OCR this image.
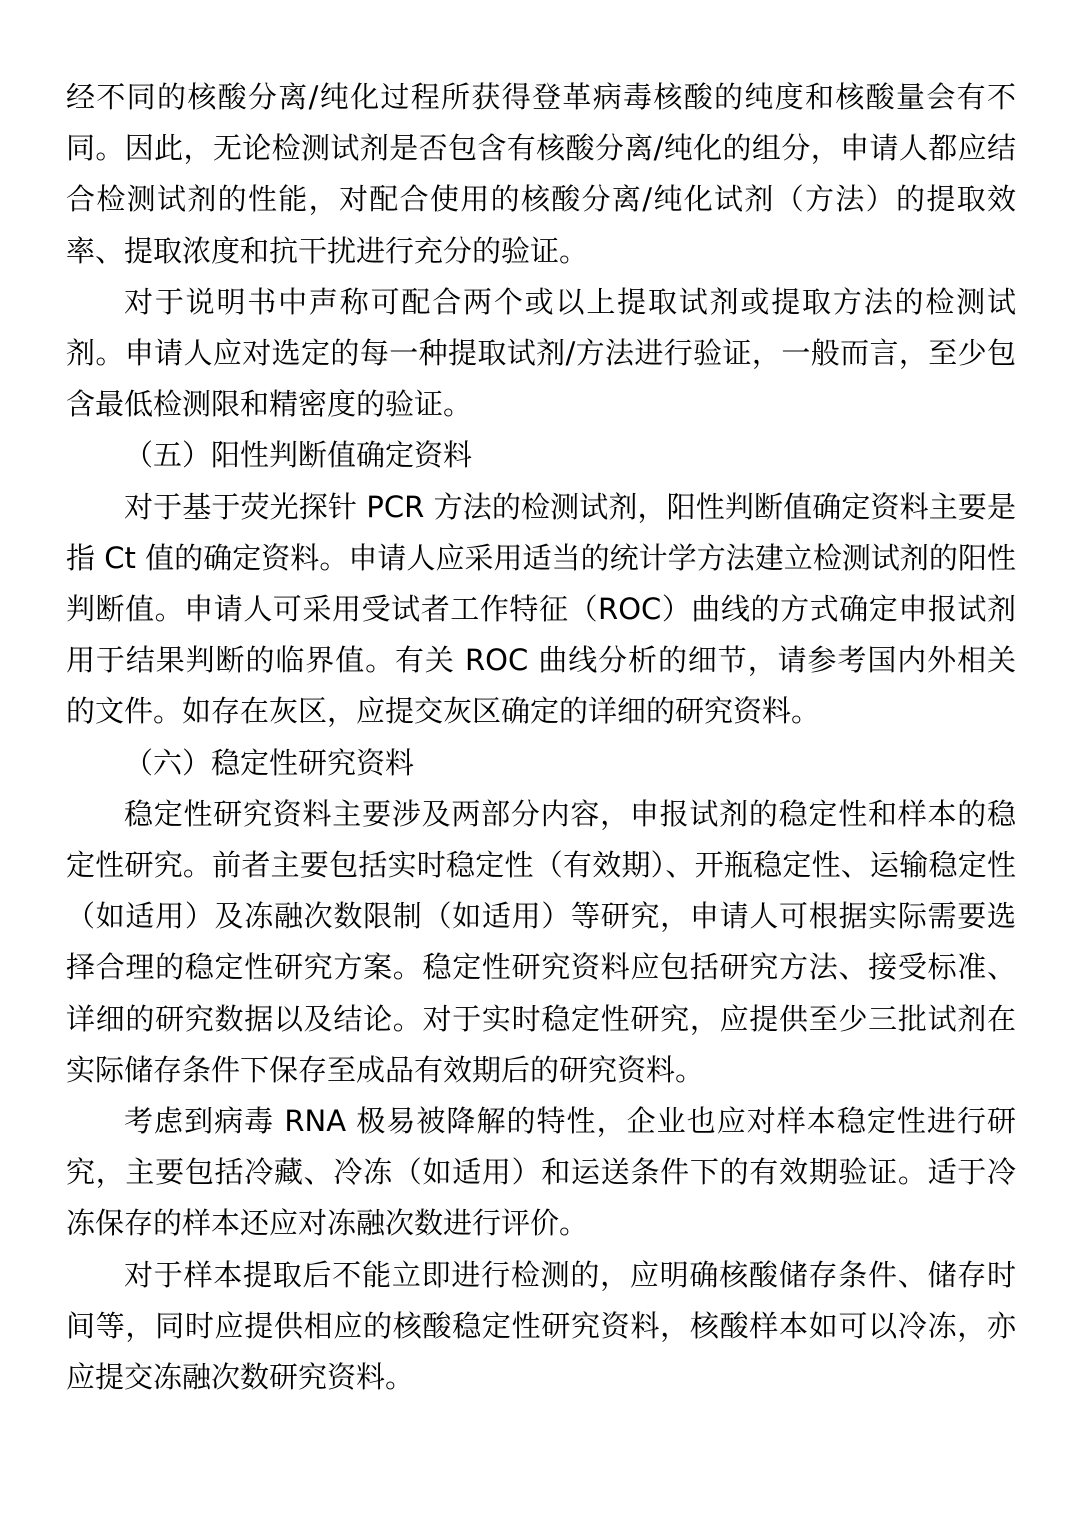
经不同的核酸分离/纯化过程所获得登革病毒核酸的纯度和核酸量会有不同。因此，无论检测试剂是否包含有核酸分离/纯化的组分，申请人都应结合检测试剂的性能，对配合使用的核酸分离/纯化试剂（方法）的提取效率、提取浓度和抗干扰进行充分的验证。

对于说明书中声称可配合两个或以上提取试剂或提取方法的检测试剂。申请人应对选定的每一种提取试剂/方法进行验证，一般而言，至少包含最低检测限和精密度的验证。

（五）阳性判断值确定资料

对于基于荧光探针 PCR 方法的检测试剂，阳性判断值确定资料主要是指 Ct 值的确定资料。申请人应采用适当的统计学方法建立检测试剂的阳性判断值。申请人可采用受试者工作特征（ROC）曲线的方式确定申报试剂用于结果判断的临界值。有关 ROC 曲线分析的细节，请参考国内外相关的文件。如存在灰区，应提交灰区确定的详细的研究资料。

（六）稳定性研究资料

稳定性研究资料主要涉及两部分内容，申报试剂的稳定性和样本的稳定性研究。前者主要包括实时稳定性（有效期）、开瓶稳定性、运输稳定性（如适用）及冻融次数限制（如适用）等研究，申请人可根据实际需要选择合理的稳定性研究方案。稳定性研究资料应包括研究方法、接受标准、详细的研究数据以及结论。对于实时稳定性研究，应提供至少三批试剂在实际储存条件下保存至成品有效期后的研究资料。

考虑到病毒 RNA 极易被降解的特性，企业也应对样本稳定性进行研究，主要包括冷藏、冷冻（如适用）和运送条件下的有效期验证。适于冷冻保存的样本还应对冻融次数进行评价。

对于样本提取后不能立即进行检测的，应明确核酸储存条件、储存时间等，同时应提供相应的核酸稳定性研究资料，核酸样本如可以冷冻，亦应提交冻融次数研究资料。
